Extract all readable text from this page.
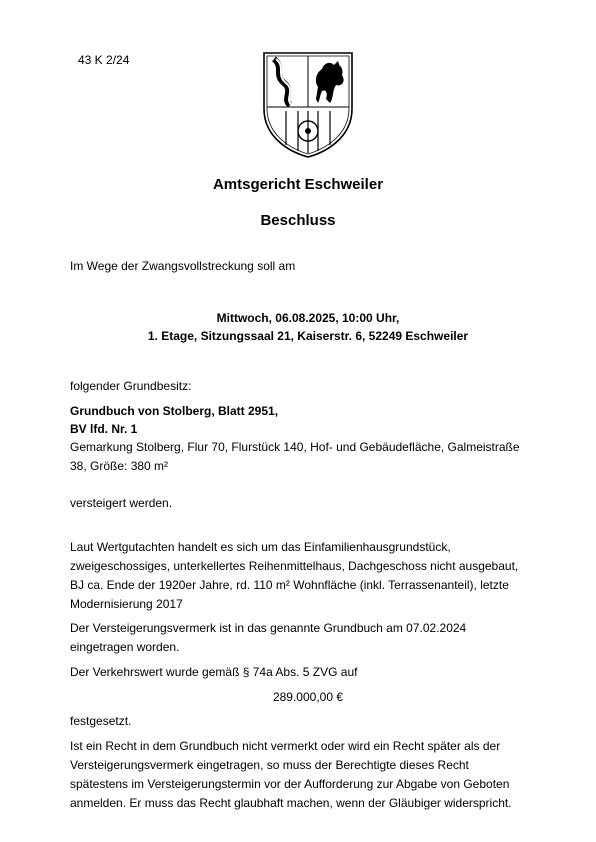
43 K 2/24
Amtsgericht Eschweiler
Beschluss
Im Wege der Zwangsvollstreckung soll am
Mittwoch, 06.08.2025, 10:00 Uhr,
1. Etage, Sitzungssaal 21, Kaiserstr. 6, 52249 Eschweiler
folgender Grundbesitz:
Grundbuch von Stolberg, Blatt 2951,
BV lfd. Nr. 1
Gemarkung Stolberg, Flur 70, Flurstück 140, Hof- und Gebäudefläche, Galmeistraße
38, Größe: 380 m²
versteigert werden.
Laut Wertgutachten handelt es sich um das Einfamilienhausgrundstück,
zweigeschossiges, unterkellertes Reihenmittelhaus, Dachgeschoss nicht ausgebaut,
BJ ca. Ende der 1920er Jahre, rd. 110 m² Wohnfläche (inkl. Terrassenanteil), letzte
Modernisierung 2017
Der Versteigerungsvermerk ist in das genannte Grundbuch am 07.02.2024
eingetragen worden.
Der Verkehrswert wurde gemäß § 74a Abs. 5 ZVG auf
289.000,00 €
festgesetzt.
Ist ein Recht in dem Grundbuch nicht vermerkt oder wird ein Recht später als der
Versteigerungsvermerk eingetragen, so muss der Berechtigte dieses Recht
spätestens im Versteigerungstermin vor der Aufforderung zur Abgabe von Geboten
anmelden. Er muss das Recht glaubhaft machen, wenn der Gläubiger widerspricht.
